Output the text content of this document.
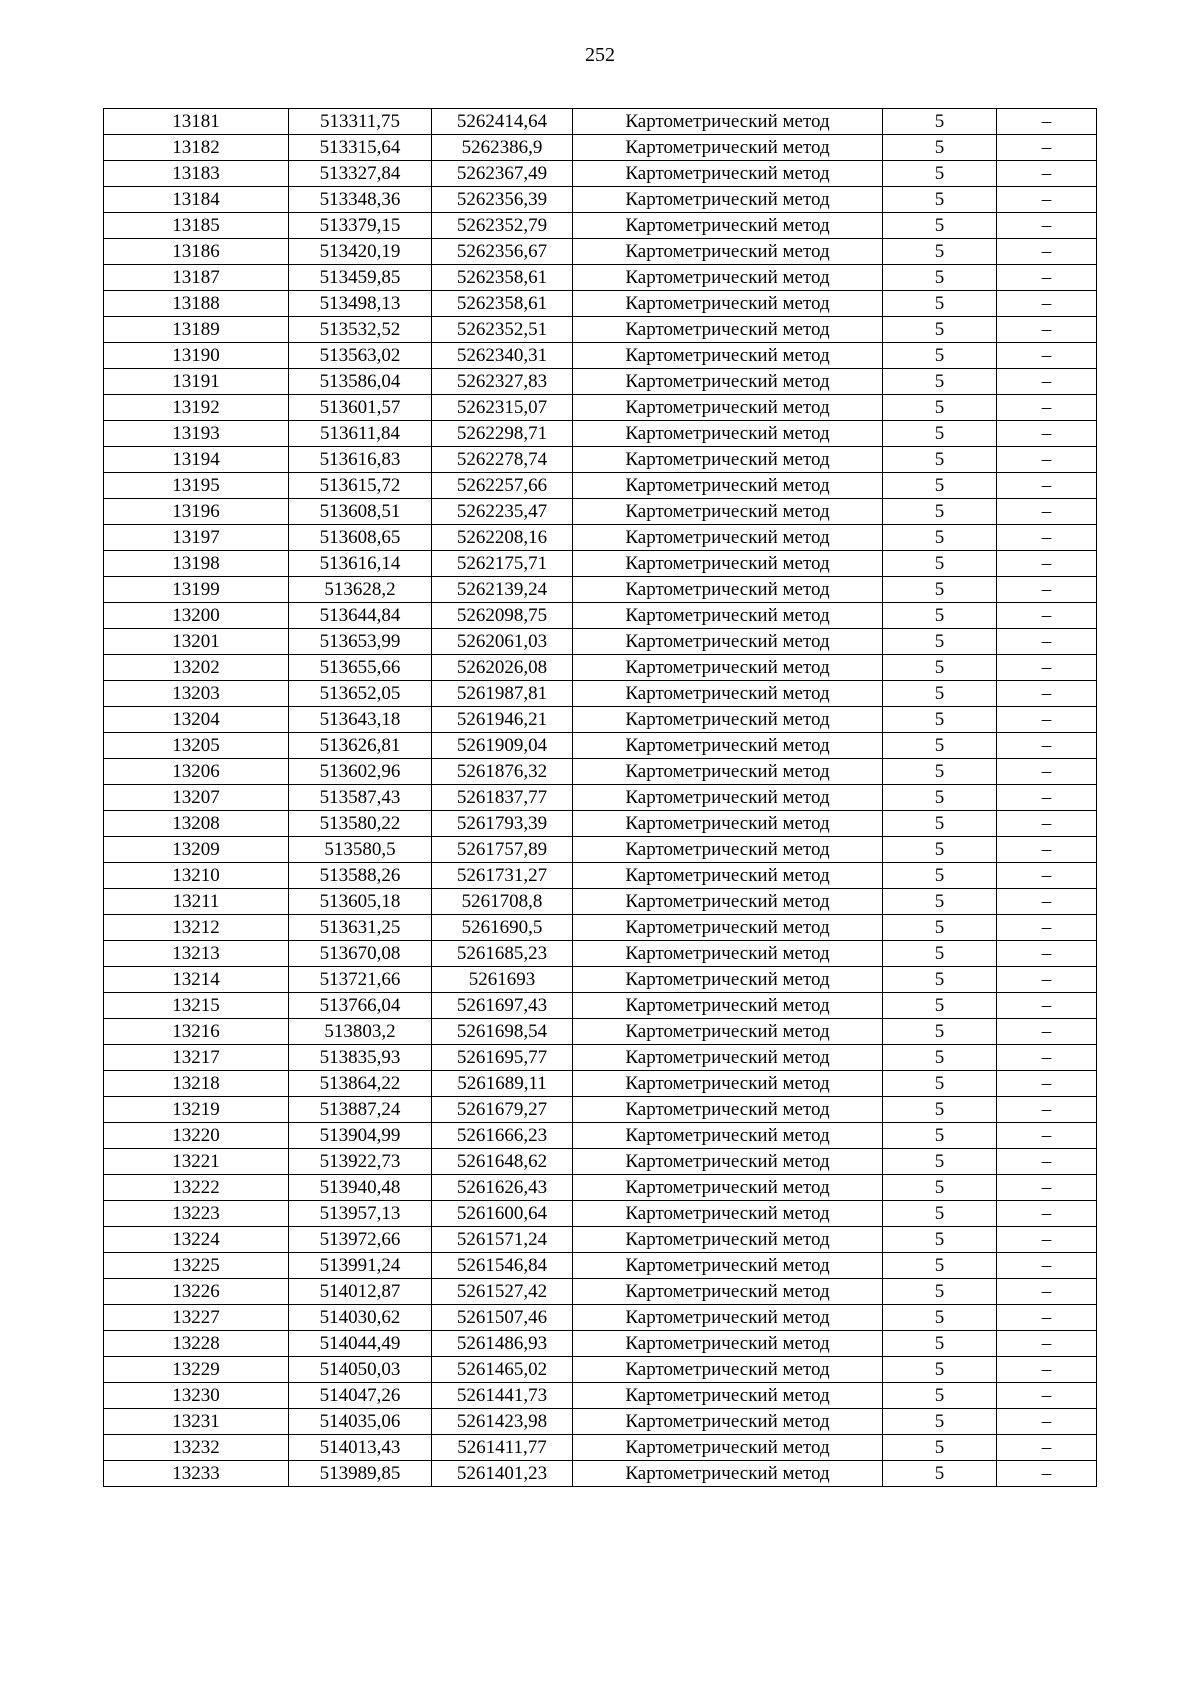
252
13181	513311,75	5262414,64	Картометрический метод	5	–
13182	513315,64	5262386,9	Картометрический метод	5	–
13183	513327,84	5262367,49	Картометрический метод	5	–
13184	513348,36	5262356,39	Картометрический метод	5	–
13185	513379,15	5262352,79	Картометрический метод	5	–
13186	513420,19	5262356,67	Картометрический метод	5	–
13187	513459,85	5262358,61	Картометрический метод	5	–
13188	513498,13	5262358,61	Картометрический метод	5	–
13189	513532,52	5262352,51	Картометрический метод	5	–
13190	513563,02	5262340,31	Картометрический метод	5	–
13191	513586,04	5262327,83	Картометрический метод	5	–
13192	513601,57	5262315,07	Картометрический метод	5	–
13193	513611,84	5262298,71	Картометрический метод	5	–
13194	513616,83	5262278,74	Картометрический метод	5	–
13195	513615,72	5262257,66	Картометрический метод	5	–
13196	513608,51	5262235,47	Картометрический метод	5	–
13197	513608,65	5262208,16	Картометрический метод	5	–
13198	513616,14	5262175,71	Картометрический метод	5	–
13199	513628,2	5262139,24	Картометрический метод	5	–
13200	513644,84	5262098,75	Картометрический метод	5	–
13201	513653,99	5262061,03	Картометрический метод	5	–
13202	513655,66	5262026,08	Картометрический метод	5	–
13203	513652,05	5261987,81	Картометрический метод	5	–
13204	513643,18	5261946,21	Картометрический метод	5	–
13205	513626,81	5261909,04	Картометрический метод	5	–
13206	513602,96	5261876,32	Картометрический метод	5	–
13207	513587,43	5261837,77	Картометрический метод	5	–
13208	513580,22	5261793,39	Картометрический метод	5	–
13209	513580,5	5261757,89	Картометрический метод	5	–
13210	513588,26	5261731,27	Картометрический метод	5	–
13211	513605,18	5261708,8	Картометрический метод	5	–
13212	513631,25	5261690,5	Картометрический метод	5	–
13213	513670,08	5261685,23	Картометрический метод	5	–
13214	513721,66	5261693	Картометрический метод	5	–
13215	513766,04	5261697,43	Картометрический метод	5	–
13216	513803,2	5261698,54	Картометрический метод	5	–
13217	513835,93	5261695,77	Картометрический метод	5	–
13218	513864,22	5261689,11	Картометрический метод	5	–
13219	513887,24	5261679,27	Картометрический метод	5	–
13220	513904,99	5261666,23	Картометрический метод	5	–
13221	513922,73	5261648,62	Картометрический метод	5	–
13222	513940,48	5261626,43	Картометрический метод	5	–
13223	513957,13	5261600,64	Картометрический метод	5	–
13224	513972,66	5261571,24	Картометрический метод	5	–
13225	513991,24	5261546,84	Картометрический метод	5	–
13226	514012,87	5261527,42	Картометрический метод	5	–
13227	514030,62	5261507,46	Картометрический метод	5	–
13228	514044,49	5261486,93	Картометрический метод	5	–
13229	514050,03	5261465,02	Картометрический метод	5	–
13230	514047,26	5261441,73	Картометрический метод	5	–
13231	514035,06	5261423,98	Картометрический метод	5	–
13232	514013,43	5261411,77	Картометрический метод	5	–
13233	513989,85	5261401,23	Картометрический метод	5	–
